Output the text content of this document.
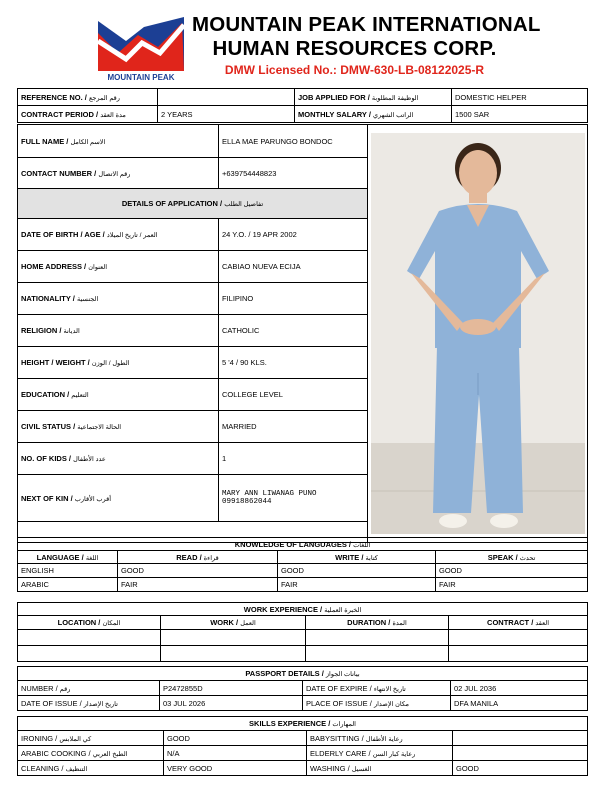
MOUNTAIN PEAK
MOUNTAIN PEAK INTERNATIONAL
HUMAN RESOURCES CORP.
DMW Licensed No.: DMW-630-LB-08122025-R
REFERENCE NO. / رقم المرجع		JOB APPLIED FOR / الوظيفة المطلوبة	DOMESTIC HELPER
CONTRACT PERIOD / مدة العقد	2 YEARS	MONTHLY SALARY / الراتب الشهري	1500 SAR
FULL NAME / الاسم الكامل	ELLA MAE PARUNGO BONDOC	

CONTACT NUMBER / رقم الاتصال	+639754448823	
DETAILS OF APPLICATION / تفاصيل الطلب		
DATE OF BIRTH / AGE / العمر / تاريخ الميلاد	24 Y.O. / 19 APR 2002	
HOME ADDRESS / العنوان	CABIAO NUEVA ECIJA	
NATIONALITY / الجنسية	FILIPINO	
RELIGION / الديانة	CATHOLIC	
HEIGHT / WEIGHT / الطول / الوزن	5 '4 / 90 KLS.	
EDUCATION / التعليم	COLLEGE LEVEL	
CIVIL STATUS / الحالة الاجتماعية	MARRIED	
NO. OF KIDS / عدد الأطفال	1	
NEXT OF KIN / أقرب الأقارب	MARY ANN LIWANAG PUNO
09918862044	

KNOWLEDGE OF LANGUAGES / اللغات			
LANGUAGE / اللغة	READ / قراءة	WRITE / كتابة	SPEAK / تحدث
ENGLISH	GOOD	GOOD	GOOD
ARABIC	FAIR	FAIR	FAIR
WORK EXPERIENCE / الخبرة العملية			
LOCATION / المكان	WORK / العمل	DURATION / المدة	CONTRACT / العقد

PASSPORT DETAILS / بيانات الجواز			
NUMBER / رقم	P2472855D	DATE OF EXPIRE / تاريخ الانتهاء	02 JUL 2036
DATE OF ISSUE / تاريخ الإصدار	03 JUL 2026	PLACE OF ISSUE / مكان الإصدار	DFA MANILA
SKILLS EXPERIENCE / المهارات			
IRONING / كي الملابس	GOOD	BABYSITTING / رعاية الأطفال	
ARABIC COOKING / الطبخ العربي	N/A	ELDERLY CARE / رعاية كبار السن	
CLEANING / التنظيف	VERY GOOD	WASHING / الغسيل	GOOD
